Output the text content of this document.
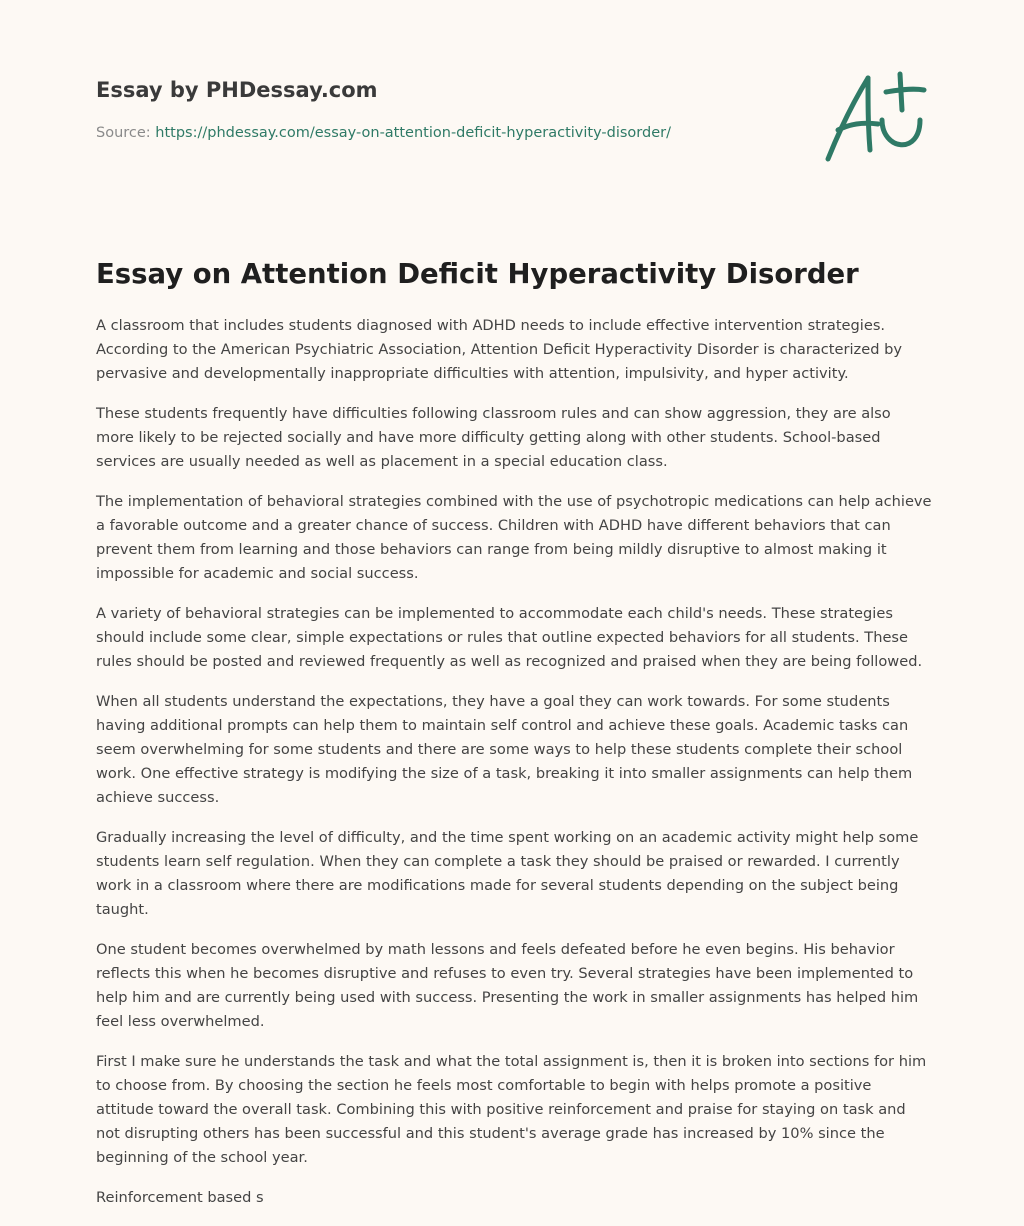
Essay by PHDessay.com

Source: https://phdessay.com/essay-on-attention-deficit-hyperactivity-disorder/

Essay on Attention Deficit Hyperactivity Disorder

A classroom that includes students diagnosed with ADHD needs to include effective intervention strategies. According to the American Psychiatric Association, Attention Deficit Hyperactivity Disorder is characterized by pervasive and developmentally inappropriate difficulties with attention, impulsivity, and hyper activity.

These students frequently have difficulties following classroom rules and can show aggression, they are also more likely to be rejected socially and have more difficulty getting along with other students. School-based services are usually needed as well as placement in a special education class.

The implementation of behavioral strategies combined with the use of psychotropic medications can help achieve a favorable outcome and a greater chance of success. Children with ADHD have different behaviors that can prevent them from learning and those behaviors can range from being mildly disruptive to almost making it impossible for academic and social success.

A variety of behavioral strategies can be implemented to accommodate each child's needs. These strategies should include some clear, simple expectations or rules that outline expected behaviors for all students. These rules should be posted and reviewed frequently as well as recognized and praised when they are being followed.

When all students understand the expectations, they have a goal they can work towards. For some students having additional prompts can help them to maintain self control and achieve these goals. Academic tasks can seem overwhelming for some students and there are some ways to help these students complete their school work. One effective strategy is modifying the size of a task, breaking it into smaller assignments can help them achieve success.

Gradually increasing the level of difficulty, and the time spent working on an academic activity might help some students learn self regulation. When they can complete a task they should be praised or rewarded. I currently work in a classroom where there are modifications made for several students depending on the subject being taught.

One student becomes overwhelmed by math lessons and feels defeated before he even begins. His behavior reflects this when he becomes disruptive and refuses to even try. Several strategies have been implemented to help him and are currently being used with success. Presenting the work in smaller assignments has helped him feel less overwhelmed.

First I make sure he understands the task and what the total assignment is, then it is broken into sections for him to choose from. By choosing the section he feels most comfortable to begin with helps promote a positive attitude toward the overall task. Combining this with positive reinforcement and praise for staying on task and not disrupting others has been successful and this student's average grade has increased by 10% since the beginning of the school year.

Reinforcement based s
